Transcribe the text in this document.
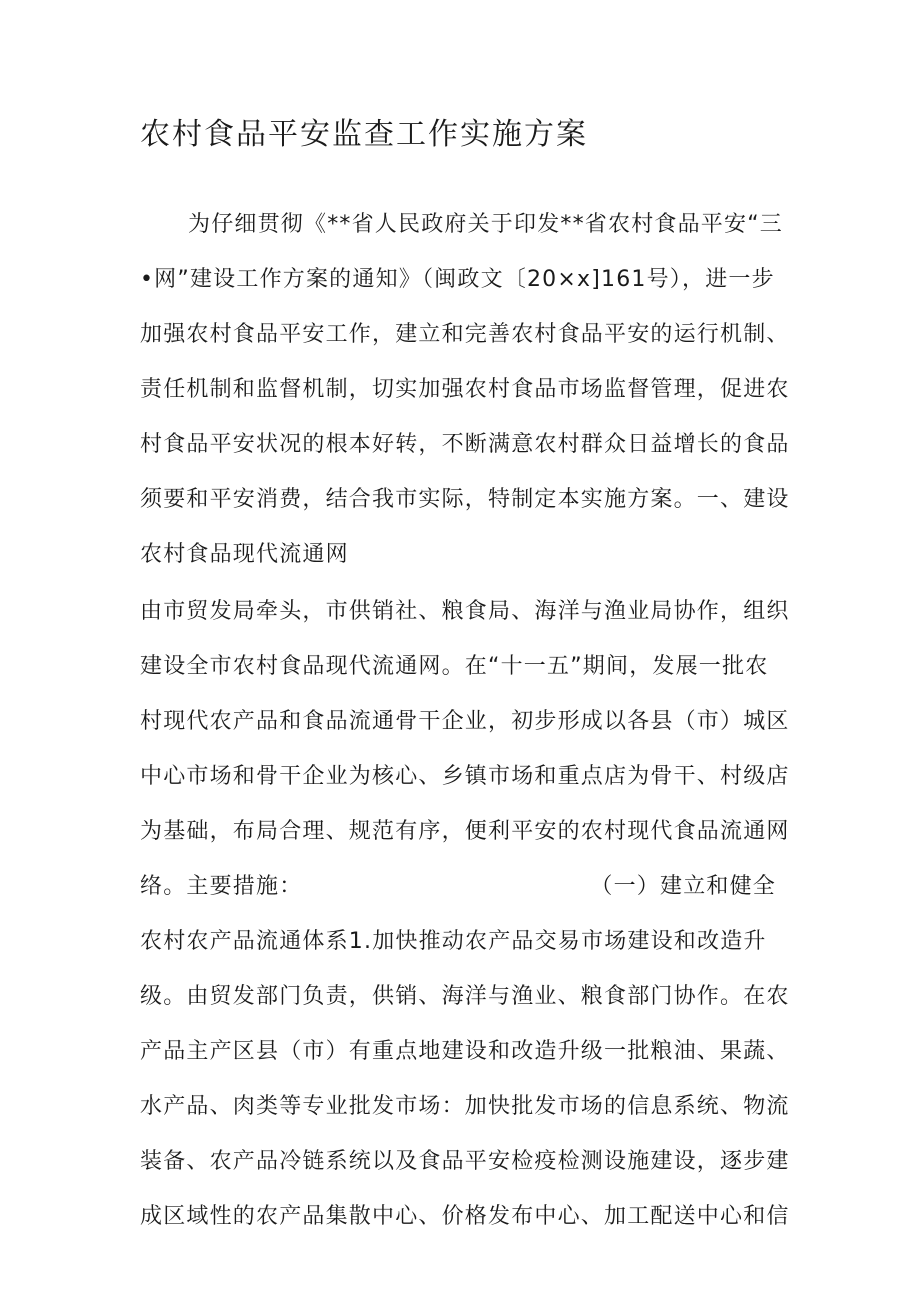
农村食品平安监查工作实施方案
为仔细贯彻《**省人民政府关于印发**省农村食品平安“三
•网”建设工作方案的通知》（闽政文〔20×x]161号），进一步
加强农村食品平安工作，建立和完善农村食品平安的运行机制、
责任机制和监督机制，切实加强农村食品市场监督管理，促进农
村食品平安状况的根本好转，不断满意农村群众日益增长的食品
须要和平安消费，结合我市实际，特制定本实施方案。一、建设
农村食品现代流通网
由市贸发局牵头，市供销社、粮食局、海洋与渔业局协作，组织
建设全市农村食品现代流通网。在“十一五”期间，发展一批农
村现代农产品和食品流通骨干企业，初步形成以各县（市）城区
中心市场和骨干企业为核心、乡镇市场和重点店为骨干、村级店
为基础，布局合理、规范有序，便利平安的农村现代食品流通网
络。主要措施：	（一）建立和健全
农村农产品流通体系1.加快推动农产品交易市场建设和改造升
级。由贸发部门负责，供销、海洋与渔业、粮食部门协作。在农
产品主产区县（市）有重点地建设和改造升级一批粮油、果蔬、
水产品、肉类等专业批发市场：加快批发市场的信息系统、物流
装备、农产品冷链系统以及食品平安检疫检测设施建设，逐步建
成区域性的农产品集散中心、价格发布中心、加工配送中心和信
